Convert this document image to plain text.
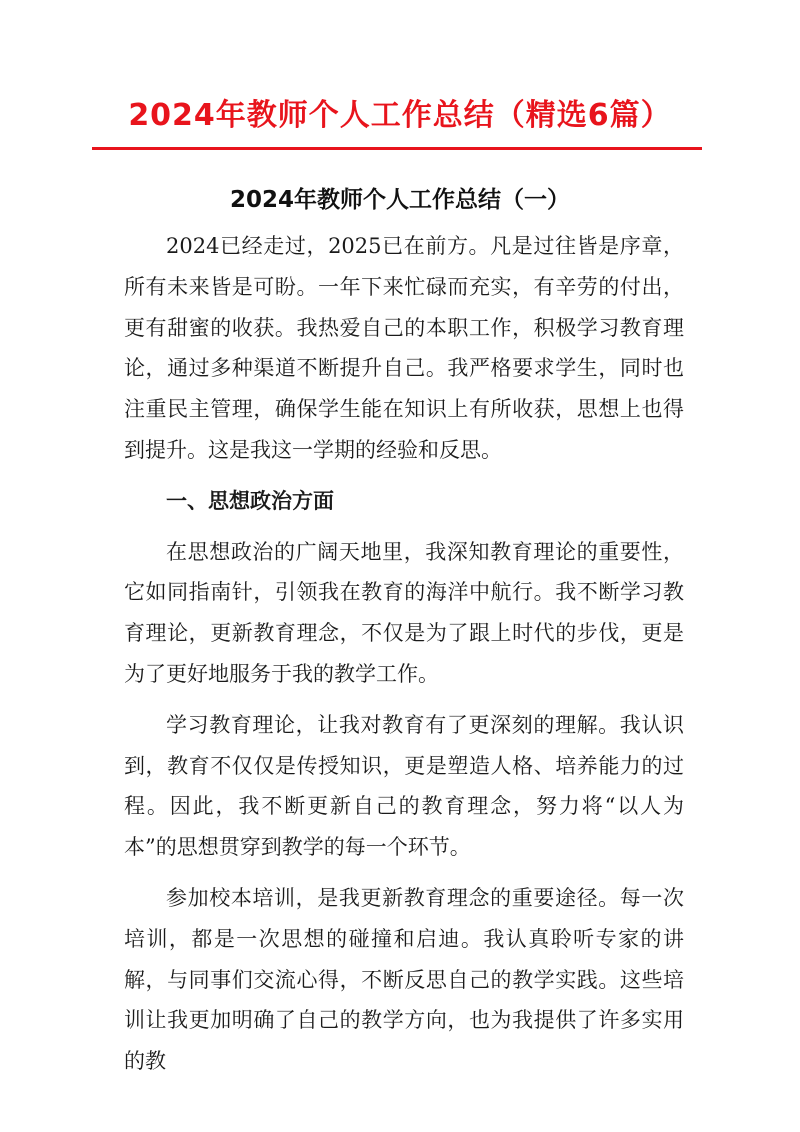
2024年教师个人工作总结（精选6篇）
2024年教师个人工作总结（一）

2024已经走过，2025已在前方。凡是过往皆是序章，所有未来皆是可盼。一年下来忙碌而充实，有辛劳的付出，更有甜蜜的收获。我热爱自己的本职工作，积极学习教育理论，通过多种渠道不断提升自己。我严格要求学生，同时也注重民主管理，确保学生能在知识上有所收获，思想上也得到提升。这是我这一学期的经验和反思。

一、思想政治方面

在思想政治的广阔天地里，我深知教育理论的重要性，它如同指南针，引领我在教育的海洋中航行。我不断学习教育理论，更新教育理念，不仅是为了跟上时代的步伐，更是为了更好地服务于我的教学工作。

学习教育理论，让我对教育有了更深刻的理解。我认识到，教育不仅仅是传授知识，更是塑造人格、培养能力的过程。因此，我不断更新自己的教育理念，努力将“以人为本”的思想贯穿到教学的每一个环节。

参加校本培训，是我更新教育理念的重要途径。每一次培训，都是一次思想的碰撞和启迪。我认真聆听专家的讲解，与同事们交流心得，不断反思自己的教学实践。这些培训让我更加明确了自己的教学方向，也为我提供了许多实用的教
